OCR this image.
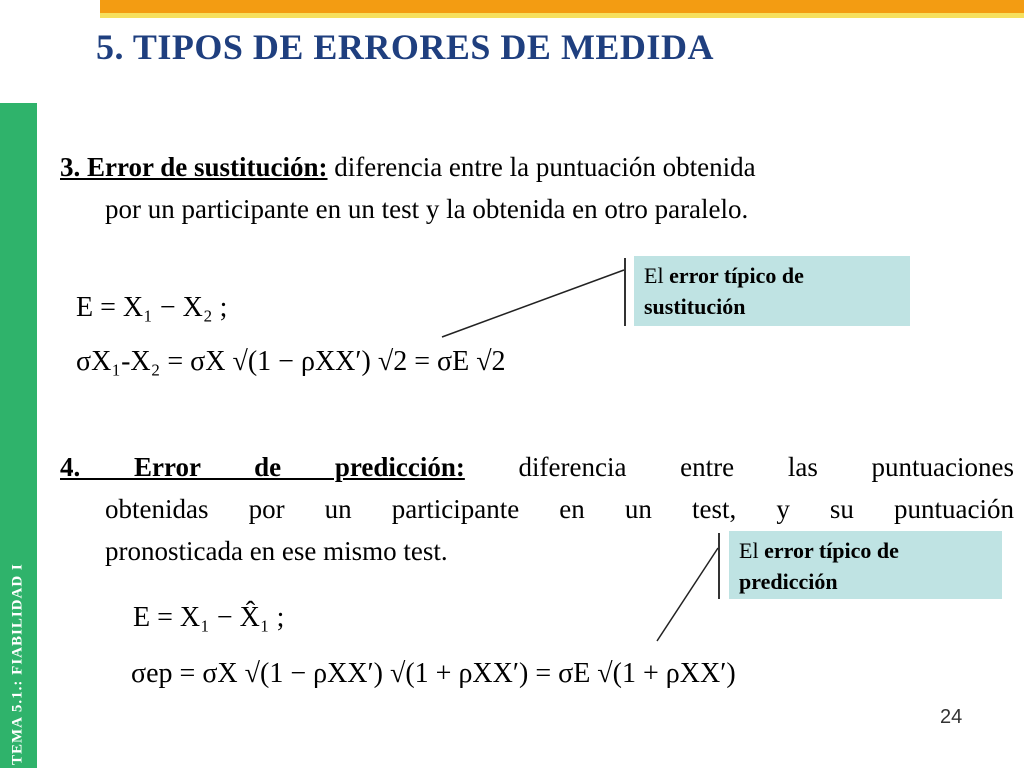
TEMA 5.1.: FIABILIDAD I
5. TIPOS DE ERRORES DE MEDIDA

3. Error de sustitución: diferencia entre la puntuación obtenida
por un participante en un test y la obtenida en otro paralelo.

El error típico de sustitución
E = X₁ − X₂ ;
σX₁-X₂ = σX √(1 − ρXX′) √2 = σE √2

4. Error de predicción: diferencia entre las puntuaciones
obtenidas por un participante en un test, y su puntuación
pronosticada en ese mismo test.	El error típico de predicción
E = X₁ − X̂₁ ;
σep = σX √(1 − ρXX′) √(1 + ρXX′) = σE √(1 + ρXX′)
24
